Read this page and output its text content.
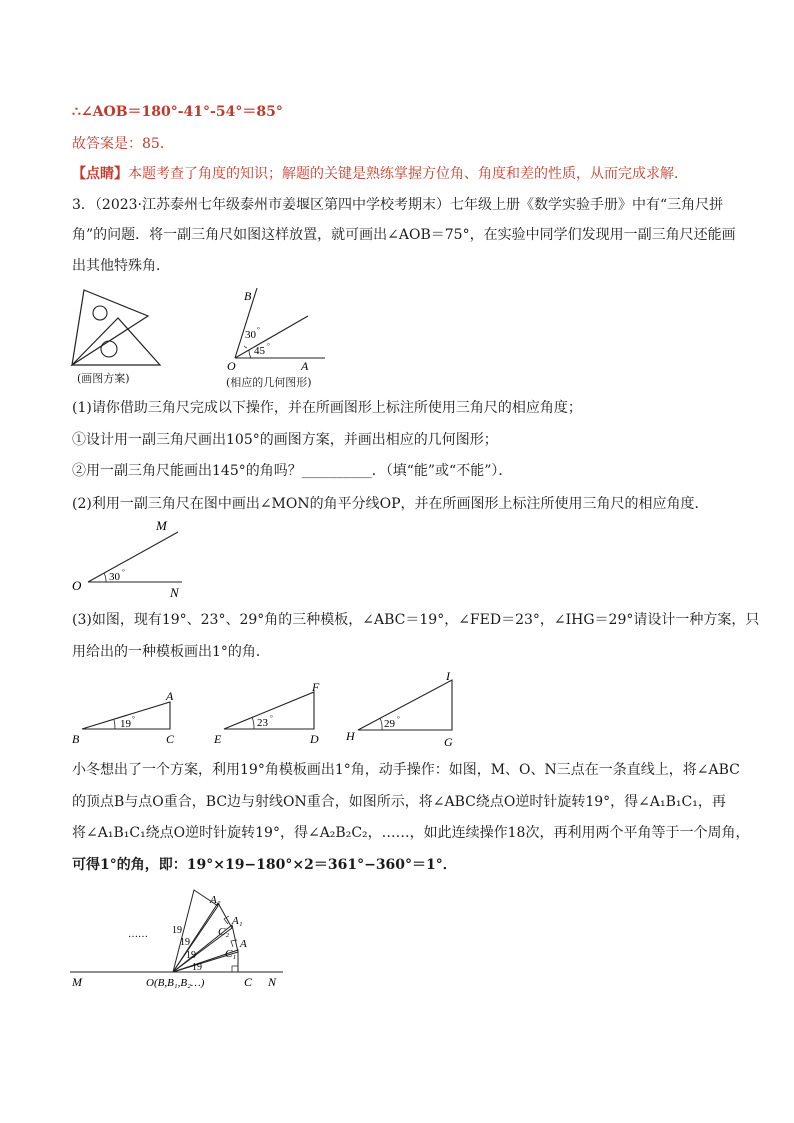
∴∠AOB＝180°-41°-54°＝85°
故答案是：85．
【点睛】本题考查了角度的知识；解题的关键是熟练掌握方位角、角度和差的性质，从而完成求解．
3．（2023·江苏泰州七年级泰州市姜堰区第四中学校考期末）七年级上册《数学实验手册》中有“三角尺拼
角”的问题．将一副三角尺如图这样放置，就可画出∠AOB＝75°，在实验中同学们发现用一副三角尺还能画
出其他特殊角．
(画图方案)
B
O	A
30
45
°
°
(相应的几何图形)
(1)请你借助三角尺完成以下操作，并在所画图形上标注所使用三角尺的相应角度；
①设计用一副三角尺画出105°的画图方案，并画出相应的几何图形；
②用一副三角尺能画出145°的角吗？__________．（填“能”或“不能”）．
(2)利用一副三角尺在图中画出∠MON的角平分线OP，并在所画图形上标注所使用三角尺的相应角度．
M
O	N
30 °
(3)如图，现有19°、23°、29°角的三种模板，∠ABC＝19°，∠FED＝23°，∠IHG＝29°请设计一种方案，只
用给出的一种模板画出1°的角．
A
B	C
19 °
F
E	D
23 °
I
H	G
29 °
小冬想出了一个方案，利用19°角模板画出1°角，动手操作：如图，M、O、N三点在一条直线上，将∠ABC
的顶点B与点O重合，BC边与射线ON重合，如图所示，将∠ABC绕点O逆时针旋转19°，得∠A₁B₁C₁，再
将∠A₁B₁C₁绕点O逆时针旋转19°，得∠A₂B₂C₂，……，如此连续操作18次，再利用两个平角等于一个周角，
可得1°的角，即：19°×19−180°×2＝361°−360°＝1°．
……
A
A₁
A₂
C₁
C₂
19
19
19
19
M	O(B,B₁,B₂…)	C N
